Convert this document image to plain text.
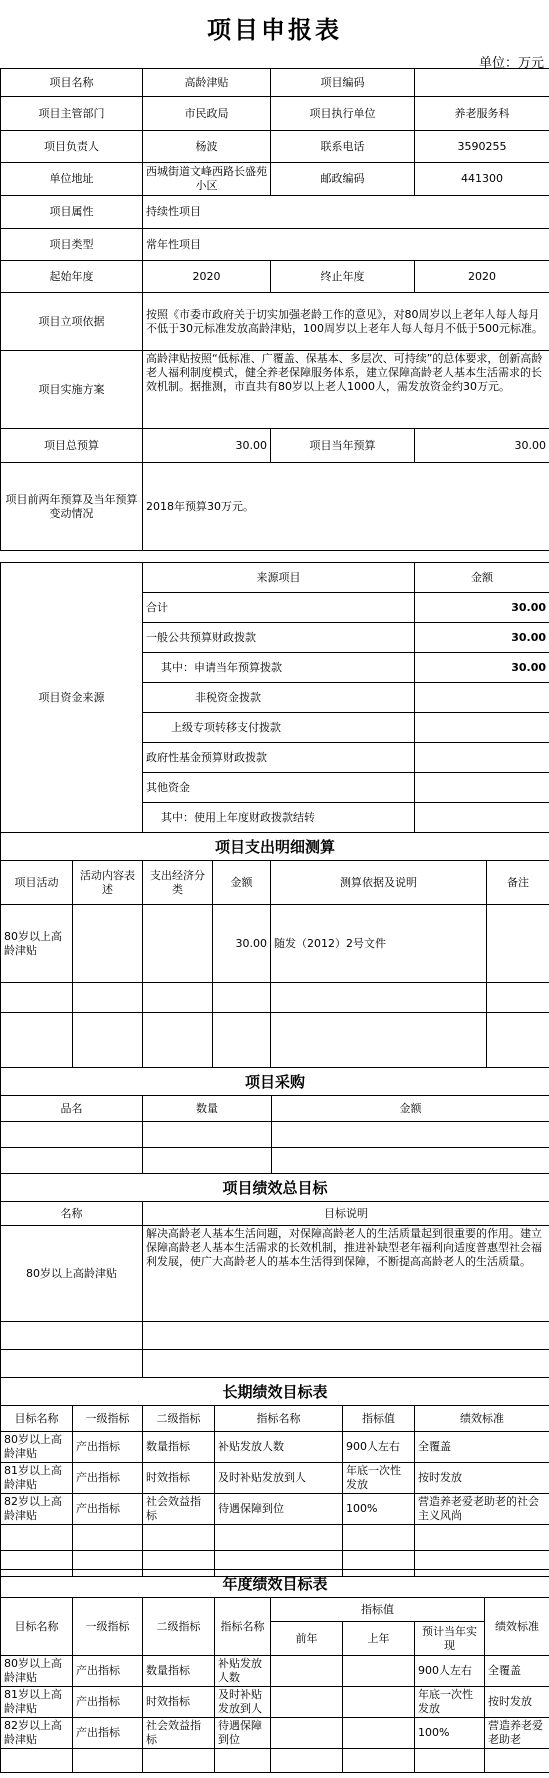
项目申报表
单位：万元
项目名称	高龄津贴	项目编码	
项目主管部门	市民政局	项目执行单位	养老服务科
项目负责人	杨波	联系电话	3590255
单位地址	西城街道文峰西路长盛苑小区	邮政编码	441300
项目属性	持续性项目		
项目类型	常年性项目		
起始年度	2020	终止年度	2020
项目立项依据	按照《市委市政府关于切实加强老龄工作的意见》，对80周岁以上老年人每人每月不低于30元标准发放高龄津贴，100周岁以上老年人每人每月不低于500元标准。		
项目实施方案	高龄津贴按照“低标准、广覆盖、保基本、多层次、可持续”的总体要求，创新高龄老人福利制度模式，健全养老保障服务体系，建立保障高龄老人基本生活需求的长效机制。据推测，市直共有80岁以上老人1000人，需发放资金约30万元。		
项目总预算	30.00	项目当年预算	30.00
项目前两年预算及当年预算变动情况	2018年预算30万元。		
项目资金来源	来源项目	金额
	合计	30.00
	一般公共预算财政拨款	30.00
	其中：申请当年预算拨款	30.00
	非税资金拨款	
	上级专项转移支付拨款	
	政府性基金预算财政拨款	
	其他资金	
	其中：使用上年度财政拨款结转	
项目支出明细测算					
项目活动	活动内容表述	支出经济分类	金额	测算依据及说明	备注
80岁以上高龄津贴			30.00	随发（2012）2号文件	

项目采购		
品名	数量	金额

项目绩效总目标	
名称	目标说明
80岁以上高龄津贴	解决高龄老人基本生活问题，对保障高龄老人的生活质量起到很重要的作用。建立保障高龄老人基本生活需求的长效机制，推进补缺型老年福利向适度普惠型社会福利发展，使广大高龄老人的基本生活得到保障，不断提高高龄老人的生活质量。

长期绩效目标表					
目标名称	一级指标	二级指标	指标名称	指标值	绩效标准
80岁以上高龄津贴	产出指标	数量指标	补贴发放人数	900人左右	全覆盖
81岁以上高龄津贴	产出指标	时效指标	及时补贴发放到人	年底一次性发放	按时发放
82岁以上高龄津贴	产出指标	社会效益指标	待遇保障到位	100%	营造养老爱老助老的社会主义风尚

年度绩效目标表							
目标名称	一级指标	二级指标	指标名称	指标值			绩效标准
				前年	上年	预计当年实现	
80岁以上高龄津贴	产出指标	数量指标	补贴发放人数			900人左右	全覆盖
81岁以上高龄津贴	产出指标	时效指标	及时补贴发放到人			年底一次性发放	按时发放
82岁以上高龄津贴	产出指标	社会效益指标	待遇保障到位			100%	营造养老爱老助老
